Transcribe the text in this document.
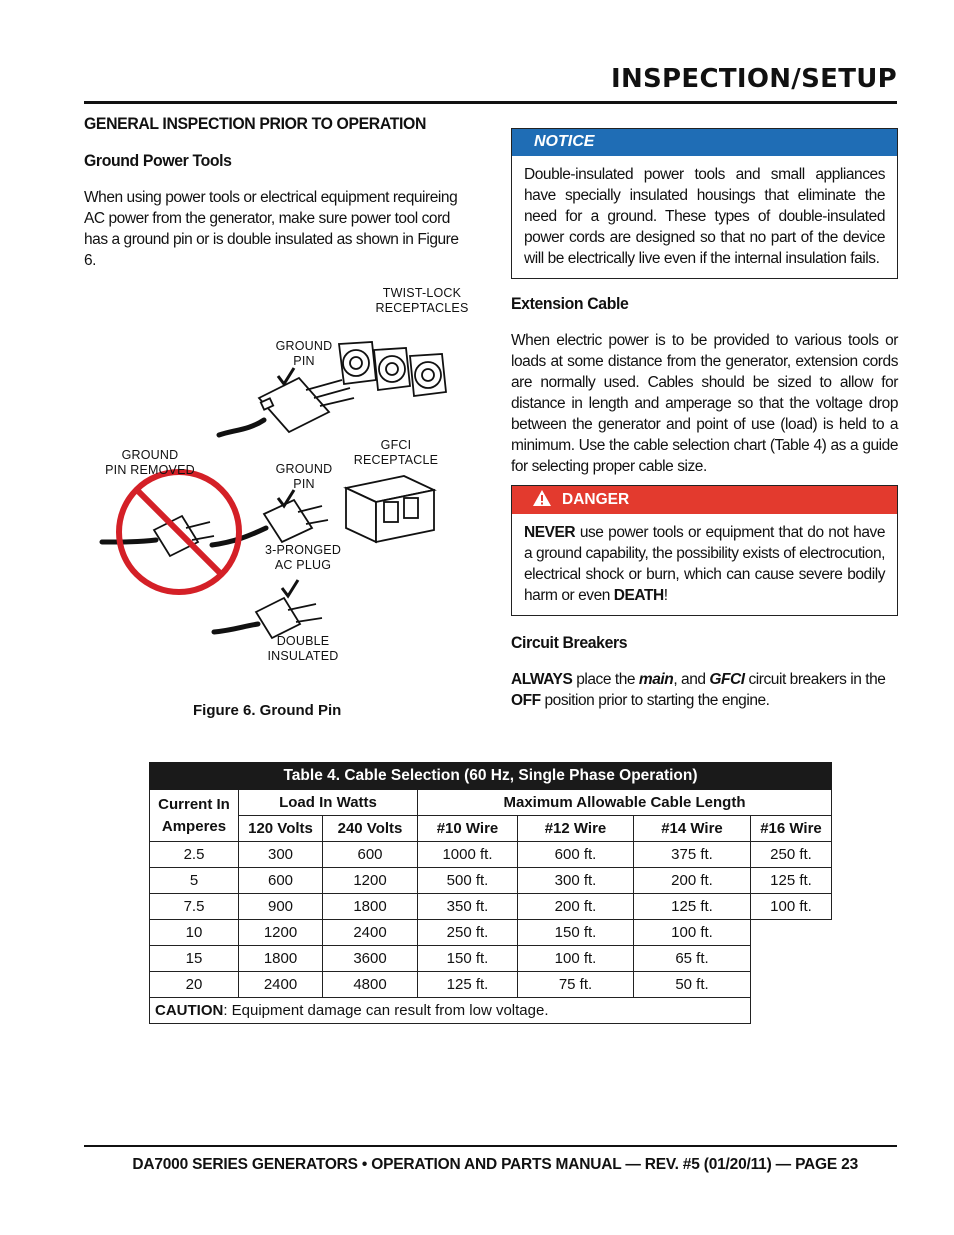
INSPECTION/SETUP
GENERAL INSPECTION PRIOR TO OPERATION
Ground Power Tools

When using power tools or electrical equipment requireing AC power from the generator, make sure power tool cord has a ground pin or is double insulated as shown in Figure 6.

TWIST-LOCK
RECEPTACLES
GROUND
PIN
GFCI
RECEPTACLE
GROUND
PIN REMOVED	GROUND
PIN
3-PRONGED
AC PLUG
DOUBLE
INSULATED
Figure 6. Ground Pin
NOTICE
Double-insulated power tools and small appliances have specially insulated housings that eliminate the need for a ground. These types of double-insulated power cords are designed so that no part of the device will be electrically live even if the internal insulation fails.
Extension Cable

When electric power is to be provided to various tools or loads at some distance from the generator, extension cords are normally used. Cables should be sized to allow for distance in length and amperage so that the voltage drop between the generator and point of use (load) is held to a minimum. Use the cable selection chart (Table 4) as a guide for selecting proper cable size.

DANGER
NEVER use power tools or equipment that do not have a ground capability, the possibility exists of electrocution, electrical shock or burn, which can cause severe bodily harm or even DEATH!
Circuit Breakers

ALWAYS place the main, and GFCI circuit breakers in the OFF position prior to starting the engine.

Table 4. Cable Selection (60 Hz, Single Phase Operation)						
Current In Amperes	Load In Watts		Maximum Allowable Cable Length			
	120 Volts	240 Volts	#10 Wire	#12 Wire	#14 Wire	#16 Wire
2.5	300	600	1000 ft.	600 ft.	375 ft.	250 ft.
5	600	1200	500 ft.	300 ft.	200 ft.	125 ft.
7.5	900	1800	350 ft.	200 ft.	125 ft.	100 ft.
10	1200	2400	250 ft.	150 ft.	100 ft.	
15	1800	3600	150 ft.	100 ft.	65 ft.	
20	2400	4800	125 ft.	75 ft.	50 ft.	
CAUTION: Equipment damage can result from low voltage.						
DA7000 SERIES GENERATORS • OPERATION AND PARTS MANUAL — REV. #5 (01/20/11) — PAGE 23
